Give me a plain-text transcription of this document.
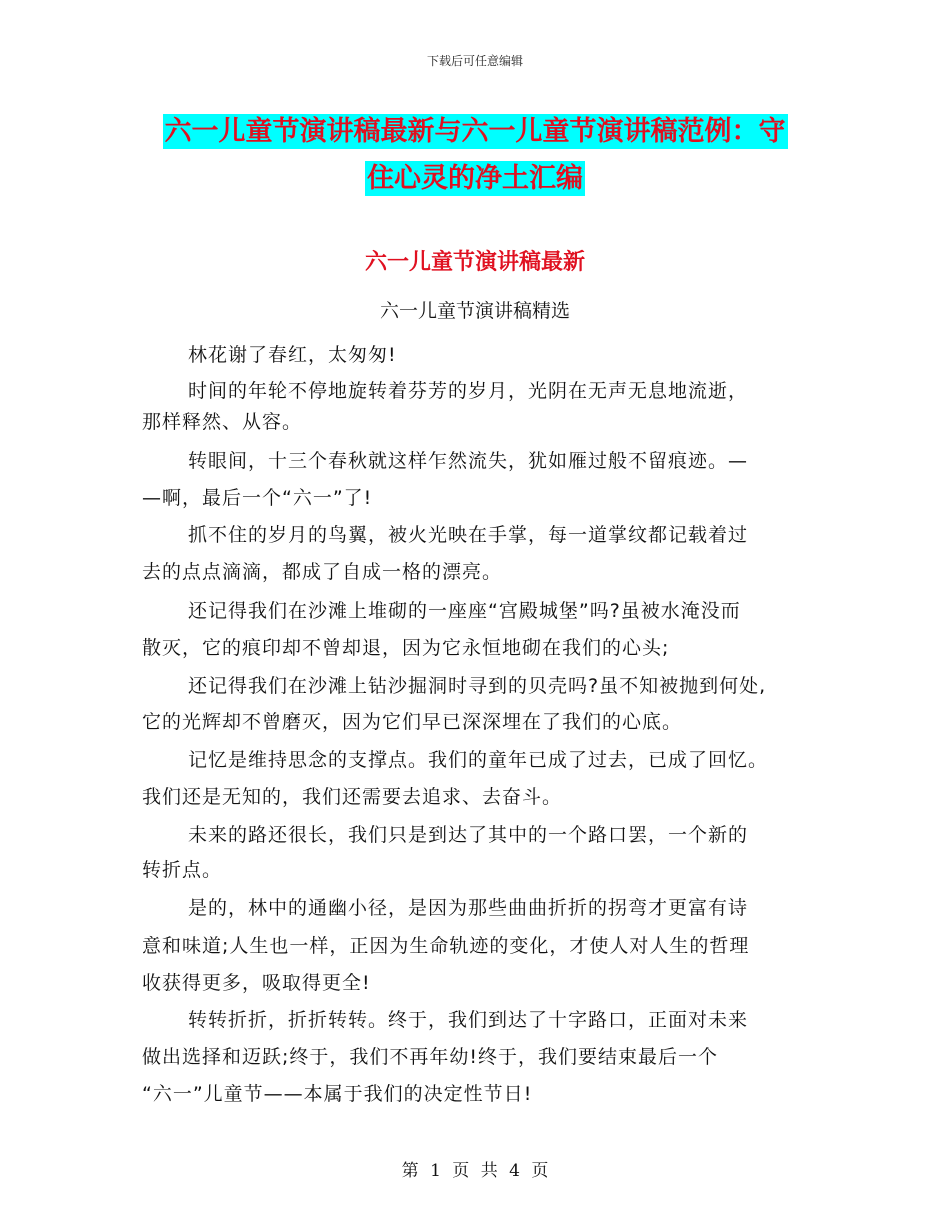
下载后可任意编辑
六一儿童节演讲稿最新与六一儿童节演讲稿范例：守
住心灵的净土汇编
六一儿童节演讲稿最新
六一儿童节演讲稿精选
林花谢了春红，太匆匆!
时间的年轮不停地旋转着芬芳的岁月，光阴在无声无息地流逝，
那样释然、从容。
转眼间，十三个春秋就这样乍然流失，犹如雁过般不留痕迹。—
—啊，最后一个“六一”了!
抓不住的岁月的鸟翼，被火光映在手掌，每一道掌纹都记载着过
去的点点滴滴，都成了自成一格的漂亮。
还记得我们在沙滩上堆砌的一座座“宫殿城堡”吗?虽被水淹没而
散灭，它的痕印却不曾却退，因为它永恒地砌在我们的心头;
还记得我们在沙滩上钻沙掘洞时寻到的贝壳吗?虽不知被抛到何处,
它的光辉却不曾磨灭，因为它们早已深深埋在了我们的心底。
记忆是维持思念的支撑点。我们的童年已成了过去，已成了回忆。
我们还是无知的，我们还需要去追求、去奋斗。
未来的路还很长，我们只是到达了其中的一个路口罢，一个新的
转折点。
是的，林中的通幽小径，是因为那些曲曲折折的拐弯才更富有诗
意和味道;人生也一样，正因为生命轨迹的变化，才使人对人生的哲理
收获得更多，吸取得更全!
转转折折，折折转转。终于，我们到达了十字路口，正面对未来
做出选择和迈跃;终于，我们不再年幼!终于，我们要结束最后一个
“六一”儿童节——本属于我们的决定性节日!
第 1 页 共 4 页
